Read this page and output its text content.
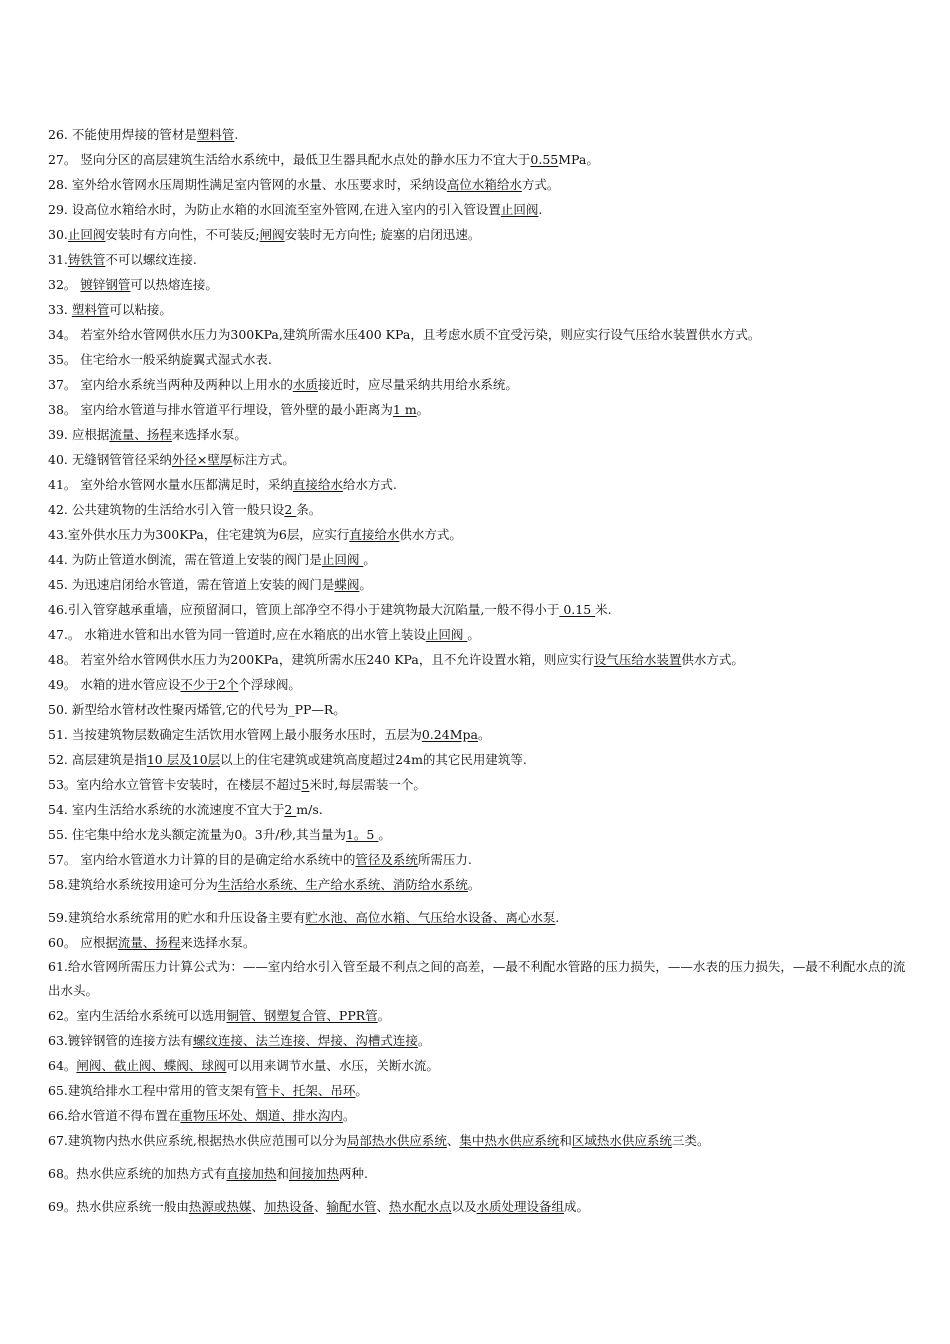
26. 不能使用焊接的管材是塑料管.
27。 竖向分区的高层建筑生活给水系统中，最低卫生器具配水点处的静水压力不宜大于0.55MPa。
28. 室外给水管网水压周期性满足室内管网的水量、水压要求时，采纳设高位水箱给水方式。
29. 设高位水箱给水时，为防止水箱的水回流至室外管网,在进入室内的引入管设置止回阀.
30.止回阀安装时有方向性，不可装反;闸阀安装时无方向性; 旋塞的启闭迅速。
31.铸铁管不可以螺纹连接.
32。 镀锌钢管可以热熔连接。
33. 塑料管可以粘接。
34。 若室外给水管网供水压力为300KPa,建筑所需水压400 KPa，且考虑水质不宜受污染，则应实行设气压给水装置供水方式。
35。 住宅给水一般采纳旋翼式湿式水表.
37。 室内给水系统当两种及两种以上用水的水质接近时，应尽量采纳共用给水系统。
38。 室内给水管道与排水管道平行埋设，管外壁的最小距离为1 m。
39. 应根据流量、扬程来选择水泵。
40. 无缝钢管管径采纳外径×壁厚标注方式。
41。 室外给水管网水量水压都满足时，采纳直接给水给水方式.
42. 公共建筑物的生活给水引入管一般只设2 条。
43.室外供水压力为300KPa，住宅建筑为6层，应实行直接给水供水方式。
44. 为防止管道水倒流，需在管道上安装的阀门是止回阀 。
45. 为迅速启闭给水管道，需在管道上安装的阀门是蝶阀。
46.引入管穿越承重墙，应预留洞口，管顶上部净空不得小于建筑物最大沉陷量,一般不得小于 0.15 米.
47.。 水箱进水管和出水管为同一管道时,应在水箱底的出水管上装设止回阀 。
48。 若室外给水管网供水压力为200KPa，建筑所需水压240 KPa，且不允许设置水箱，则应实行设气压给水装置供水方式。
49。 水箱的进水管应设不少于2个个浮球阀。
50. 新型给水管材改性聚丙烯管,它的代号为_PP—R。
51. 当按建筑物层数确定生活饮用水管网上最小服务水压时，五层为0.24Mpa。
52. 高层建筑是指10 层及10层以上的住宅建筑或建筑高度超过24m的其它民用建筑等.
53。室内给水立管管卡安装时，在楼层不超过5米时,每层需装一个。
54. 室内生活给水系统的水流速度不宜大于2 m/s.
55. 住宅集中给水龙头额定流量为0。3升/秒,其当量为1。5 。
57。 室内给水管道水力计算的目的是确定给水系统中的管径及系统所需压力.
58.建筑给水系统按用途可分为生活给水系统、生产给水系统、消防给水系统。
59.建筑给水系统常用的贮水和升压设备主要有贮水池、高位水箱、气压给水设备、离心水泵.
60。 应根据流量、扬程来选择水泵。
61.给水管网所需压力计算公式为：——室内给水引入管至最不利点之间的高差，—最不利配水管路的压力损失，——水表的压力损失，—最不利配水点的流出水头。
62。室内生活给水系统可以选用铜管、钢塑复合管、PPR管。
63.镀锌钢管的连接方法有螺纹连接、法兰连接、焊接、沟槽式连接。
64。闸阀、截止阀、蝶阀、球阀可以用来调节水量、水压，关断水流。
65.建筑给排水工程中常用的管支架有管卡、托架、吊环。
66.给水管道不得布置在重物压坏处、烟道、排水沟内。
67.建筑物内热水供应系统,根据热水供应范围可以分为局部热水供应系统、集中热水供应系统和区域热水供应系统三类。
68。热水供应系统的加热方式有直接加热和间接加热两种.
69。热水供应系统一般由热源或热媒、加热设备、输配水管、热水配水点以及水质处理设备组成。
